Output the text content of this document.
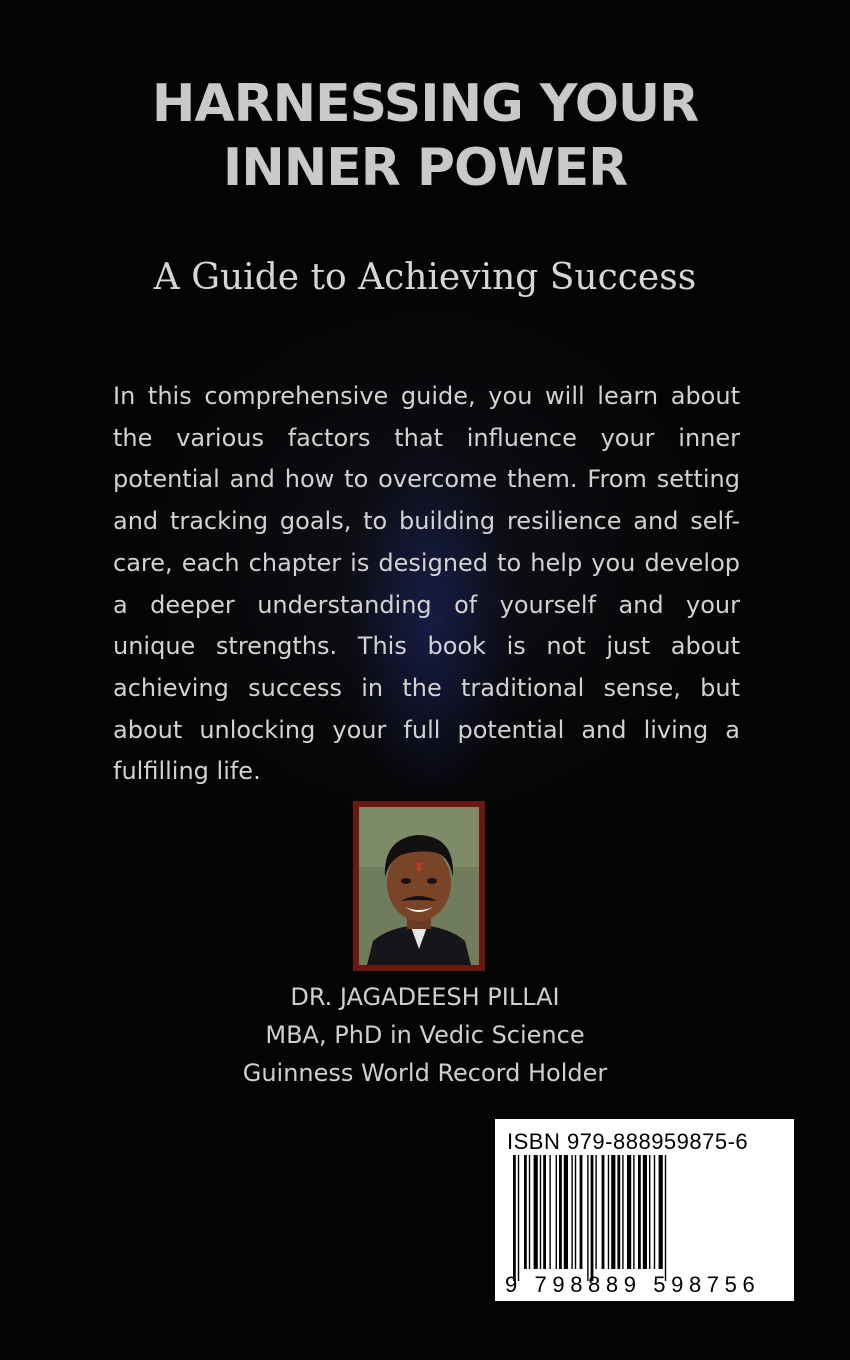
HARNESSING YOUR
INNER POWER
A Guide to Achieving Success
In this comprehensive guide, you will learn about the various factors that influence your inner potential and how to overcome them. From setting and tracking goals, to building resilience and self-care, each chapter is designed to help you develop a deeper understanding of yourself and your unique strengths. This book is not just about achieving success in the traditional sense, but about unlocking your full potential and living a fulfilling life.
DR. JAGADEESH PILLAI
MBA, PhD in Vedic Science
Guinness World Record Holder
ISBN 979-888959875-6
9 798889 598756
